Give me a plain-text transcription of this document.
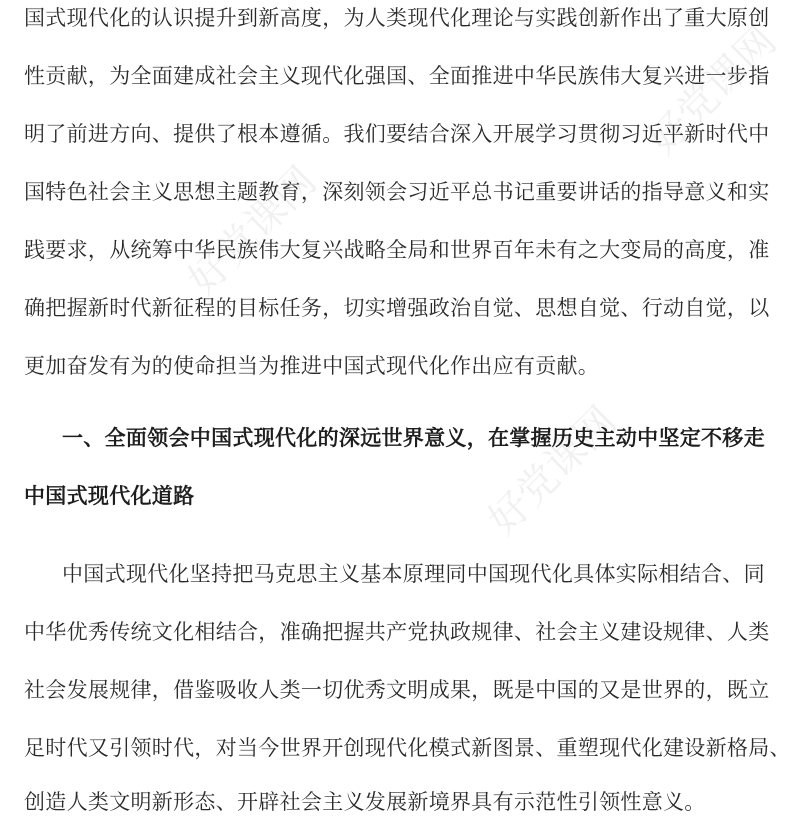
好党课网
好党课网
好党课网
国式现代化的认识提升到新高度，为人类现代化理论与实践创新作出了重大原创
性贡献，为全面建成社会主义现代化强国、全面推进中华民族伟大复兴进一步指
明了前进方向、提供了根本遵循。我们要结合深入开展学习贯彻习近平新时代中
国特色社会主义思想主题教育，深刻领会习近平总书记重要讲话的指导意义和实
践要求，从统筹中华民族伟大复兴战略全局和世界百年未有之大变局的高度，准
确把握新时代新征程的目标任务，切实增强政治自觉、思想自觉、行动自觉，以
更加奋发有为的使命担当为推进中国式现代化作出应有贡献。
一、全面领会中国式现代化的深远世界意义，在掌握历史主动中坚定不移走
中国式现代化道路
中国式现代化坚持把马克思主义基本原理同中国现代化具体实际相结合、同
中华优秀传统文化相结合，准确把握共产党执政规律、社会主义建设规律、人类
社会发展规律，借鉴吸收人类一切优秀文明成果，既是中国的又是世界的，既立
足时代又引领时代，对当今世界开创现代化模式新图景、重塑现代化建设新格局、
创造人类文明新形态、开辟社会主义发展新境界具有示范性引领性意义。
